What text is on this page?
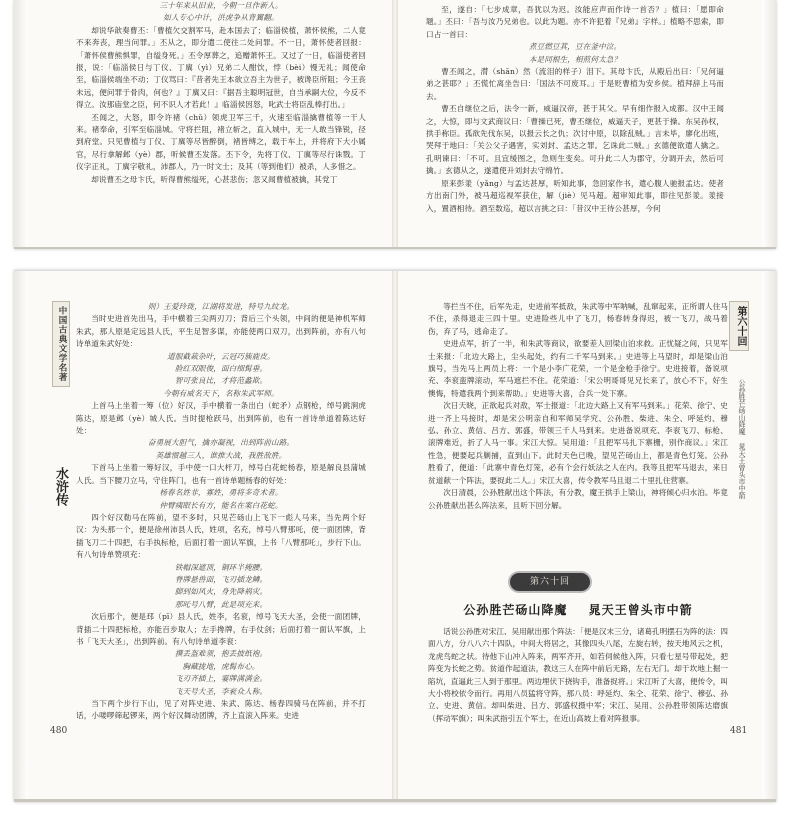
三十年来从旧业，今朝一旦作新人。

如人专心中计，洪虎争从背翼翻。

却说华歆奏曹丕：「曹植欠交割军马，赴本国去了；临淄侯植，萧怀侯熊，二人竟不来奔丧，理当问罪。」丕从之，即分遣二使往二处问罪。不一日，萧怀使者回报：「萧怀侯曹熊惧罪，自缢身死。」丕令厚葬之，追赠萧怀王。又过了一日，临淄使者回报，说：「临淄侯日与丁仪、丁廙（yì）兄弟二人酣饮，悖（bèi）慢无礼；闻使命至，临淄侯端坐不动；丁仪骂曰：『昔者先王本欲立吾主为世子，被谗臣所阻；今王丧未远，便问罪于骨肉，何也？』丁廙又曰：『据吾主聪明冠世，自当承嗣大位，今反不得立。汝那庙堂之臣，何不识人才若此！』临淄侯因怒，叱武士将臣乱棒打出。」

丕闻之，大怒，即令许褚（chǔ）领虎卫军三千，火速至临淄擒曹植等一干人来。褚奉命，引军至临淄城。守将拦阻，褚立斩之，直入城中，无一人敢当锋锐，径到府堂。只见曹植与丁仪、丁廙等尽皆醉倒，褚皆缚之，载于车上，并将府下大小属官，尽行拿解邺（yè）郡，听候曹丕发落。丕下令，先将丁仪、丁廙等尽行诛戮。丁仪字正礼，丁廙字敬礼，沛郡人，乃一时文士；及其（等到他们）被杀，人多惜之。

却说曹丕之母卞氏，听得曹熊缢死，心甚悲伤；忽又闻曹植被擒，其党丁

至，遂自：「七步成章，吾犹以为迟。汝能应声而作诗一首否？」植曰：「愿即命题。」丕曰：「吾与汝乃兄弟也。以此为题。亦不许犯着『兄弟』字样。」植略不思索，即口占一首曰：

煮豆燃豆萁，豆在釜中泣。

本是同根生，相煎何太急？

曹丕闻之，潸（shān）然（流泪的样子）泪下。其母卞氏，从殿后出曰：「兄何逼弟之甚耶？」丕慌忙离坐告曰：「国法不可废耳。」于是贬曹植为安乡侯。植拜辞上马而去。

曹丕自继位之后，法令一新，威逼汉帝，甚于其父。早有细作报入成都。汉中王闻之，大惊，即与文武商议曰：「曹操已死，曹丕继位，威逼天子，更甚于操。东吴孙权，拱手称臣。孤欲先伐东吴，以报云长之仇；次讨中原，以除乱贼。」言未毕，廖化出班，哭拜于地曰：「关公父子遇害，实刘封、孟达之罪。乞诛此二贼。」玄德便欲遣人擒之。孔明谏曰：「不可。且宜缓图之，急则生变矣。可升此二人为郡守，分调开去，然后可擒。」玄德从之，遂遣使升刘封去守绵竹。

原来彭羕（yǎng）与孟达甚厚，听知此事，急回家作书，遣心腹人驰报孟达。使者方出南门外，被马超巡视军获住，解（jiè）见马超。超审知此事，即往见彭羕。羕接入，置酒相待。酒至数巡，超以言挑之曰：「昔汉中王待公甚厚，今何

中国古典文学名著
水浒传
480

则）王爱玲珑，江湖将发进，特号九纹龙。

当时史进首先出马，手中横着三尖两刃刀；背后三个头领，中间的便是神机军师朱武，那人原是定远县人氏，平生足智多谋，亦能使两口双刀，出到阵前，亦有八句诗单道朱武好处：

道服截裁杂叶，云冠巧簇鹿皮。

脸红双眼俊，面白细髯垂。

智可张良比，才将范蠡欺。

今朝有威名天下，名称朱武军师。

上首马上坐着一筹（位）好汉，手中横着一条出白（蛇矛）点钢枪，绰号跳涧虎陈达，原是邺（yè）城人氏。当时提枪跃马，出到阵前，也有一首诗单道着陈达好处：

奋勇展大胆气，擒亦凝视，出到阵前山路。

英雄惯越三人，谁推大战，我胜敌胜。

下首马上坐着一筹好汉，手中使一口大杆刀，绰号白花蛇杨春，原是解良县蒲城人氏。当下腰刀立马，守住阵门，也有一首诗单题杨春的好处：

杨春名姓非，寡姓，勇将多奇术者。

仲臂痍眼长有方，能名在案白花蛇。

四个好汉勒马在阵前，望不多时，只见芒砀山上飞下一彪人马来，当先两个好汉：为头那一个，便是徐州沛县人氏，姓项，名充，绰号八臂那吒，使一面团牌，背插飞刀二十四把，右手执标枪，后面打着一面认军旗，上书「八臂那吒」，步行下山。有八句诗单赞项充：

铁帽深遮顶，铜环半掩腰。

脊牌悬兽面，飞刃插龙鳞。

脚到如风火，身先降祸灾。

那吒号八臂，此是项充来。

次后那个，便是邳（pī）县人氏，姓李，名衮，绰号飞天大圣，会使一面团牌，背插二十四把标枪，亦能百步取人；左手搀牌，右手仗剑；后面打着一面认军旗，上书「飞天大圣」，出到阵前。有八句诗单道李衮：

撰丢盔难须，抱丢披纸袍。

胸藏拢地，虎髯布心。

飞刃齐插上，霎牌满满金。

飞天号大圣，李衮众人称。

当下两个步行下山，见了对阵史进、朱武、陈达、杨春四骑马在阵前，并不打话，小喽啰筛起锣来，两个好汉舞动团牌，齐上直滚入阵来。史进

第六十回
公孙胜芒砀山降魔 晁天王曾头市中箭
481

等拦当不住，后军先走，史进前军抵敌，朱武等中军呐喊，乱窜起来，正所谓人住马不住，杀得退走三四十里。史进险些儿中了飞刀，杨春转身得迟，被一飞刀，战马着伤，弃了马，逃命走了。

史进点军，折了一半，和朱武等商议，欲要差人回梁山泊求救。正忧疑之间，只见军士来报：「北边大路上，尘头起处，约有二千军马到来。」史进等上马望时，却是梁山泊旗号，当先马上两员上将：一个是小李广花荣，一个是金枪手徐宁。史进接着，备说项充、李衮蛮牌滚动，军马遮拦不住。花荣道：「宋公明哥哥见兄长来了，放心不下，好生懊悔，特遣我两个到来帮助。」史进等大喜，合兵一处下寨。

次日天晓，正欲起兵对敌，军士报道：「北边大路上又有军马到来。」花荣、徐宁、史进一齐上马接时，却是宋公明亲自和军师吴学究、公孙胜、柴进、朱仝、呼延灼、穆弘、孙立、黄信、吕方、郭盛，带领三千人马到来。史进备说项充、李衮飞刀、标枪、滚牌难近，折了人马一事。宋江大惊。吴用道：「且把军马扎下寨栅，别作商议。」宋江性急，便要起兵剿捕，直到山下。此时天色已晚，望见芒砀山上，都是青色灯笼。公孙胜看了，便道：「此寨中青色灯笼，必有个会行妖法之人在内。我等且把军马退去，来日贫道献一个阵法，要捉此二人。」宋江大喜，传令教军马且退二十里扎住营寨。

次日清晨，公孙胜献出这个阵法，有分教，魔王拱手上梁山，神将倾心归水泊。毕竟公孙胜献出甚么阵法来，且听下回分解。

第六十回
公孙胜芒砀山降魔 晁天王曾头市中箭

话说公孙胜对宋江、吴用献出那个阵法：「便是汉末三分，诸葛孔明摆石为阵的法：四面八方，分八八六十四队，中间大将居之，其像四头八尾，左旋右转，按天地风云之机，龙虎鸟蛇之状。待他下山冲入阵来，两军齐开，如若伺候他入阵，只看七星号带起处，把阵变为长蛇之势。贫道作起道法，教这三人在阵中前后无路，左右无门。却于坎地上掘一陷坑，直逼此三人到于那里。两边埋伏下挠钩手，准备捉将。」宋江听了大喜，便传令，叫大小将校依令而行。再用八员猛将守阵，那八员：呼延灼、朱仝、花荣、徐宁、穆弘、孙立、史进、黄信。却叫柴进、吕方、郭盛权摄中军；宋江、吴用、公孙胜带领陈达磨旗（挥动军旗）；叫朱武指引五个军士，在近山高坡上看对阵报事。
